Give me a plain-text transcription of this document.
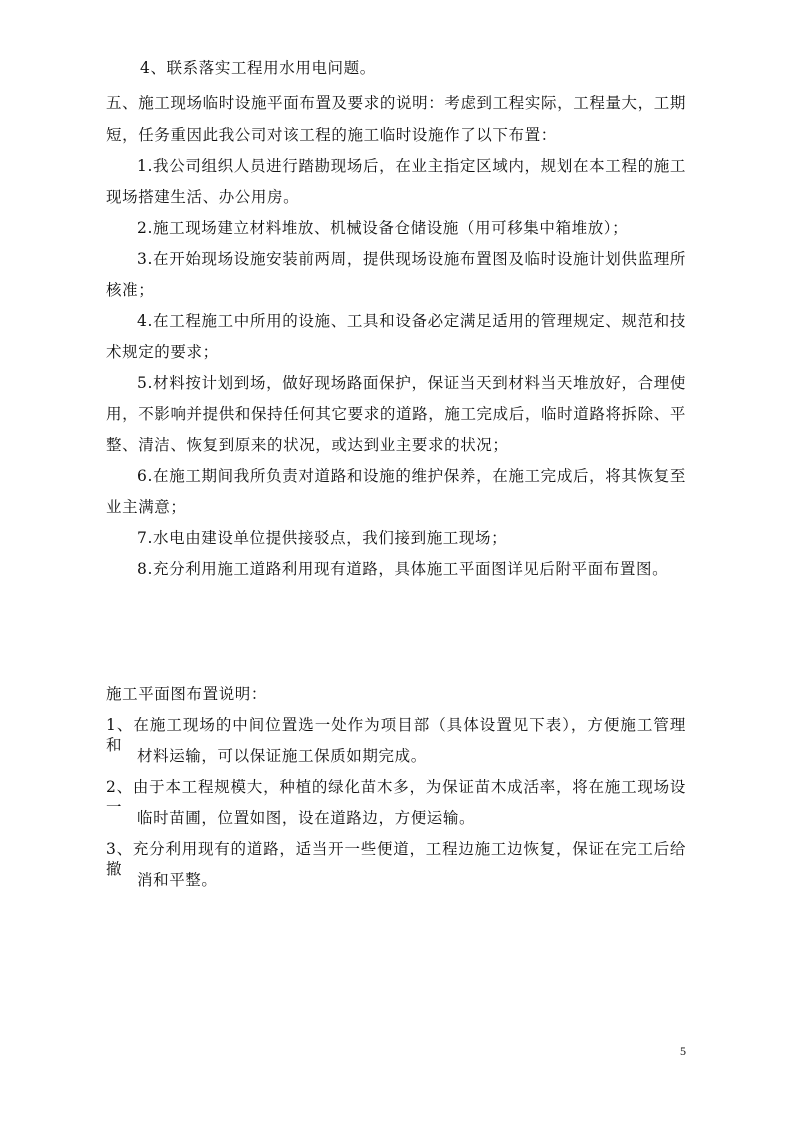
4、联系落实工程用水用电问题。
五、施工现场临时设施平面布置及要求的说明：考虑到工程实际，工程量大，工期
短，任务重因此我公司对该工程的施工临时设施作了以下布置：
1.我公司组织人员进行踏勘现场后，在业主指定区域内，规划在本工程的施工
现场搭建生活、办公用房。
2.施工现场建立材料堆放、机械设备仓储设施（用可移集中箱堆放）；
3.在开始现场设施安装前两周，提供现场设施布置图及临时设施计划供监理所
核准；
4.在工程施工中所用的设施、工具和设备必定满足适用的管理规定、规范和技
术规定的要求；
5.材料按计划到场，做好现场路面保护，保证当天到材料当天堆放好，合理使
用，不影响并提供和保持任何其它要求的道路，施工完成后，临时道路将拆除、平
整、清洁、恢复到原来的状况，或达到业主要求的状况；
6.在施工期间我所负责对道路和设施的维护保养，在施工完成后，将其恢复至
业主满意；
7.水电由建设单位提供接驳点，我们接到施工现场；
8.充分利用施工道路利用现有道路，具体施工平面图详见后附平面布置图。
施工平面图布置说明：
1、在施工现场的中间位置选一处作为项目部（具体设置见下表），方便施工管理和
材料运输，可以保证施工保质如期完成。
2、由于本工程规模大，种植的绿化苗木多，为保证苗木成活率，将在施工现场设一
临时苗圃，位置如图，设在道路边，方便运输。
3、充分利用现有的道路，适当开一些便道，工程边施工边恢复，保证在完工后给撤
消和平整。
5
